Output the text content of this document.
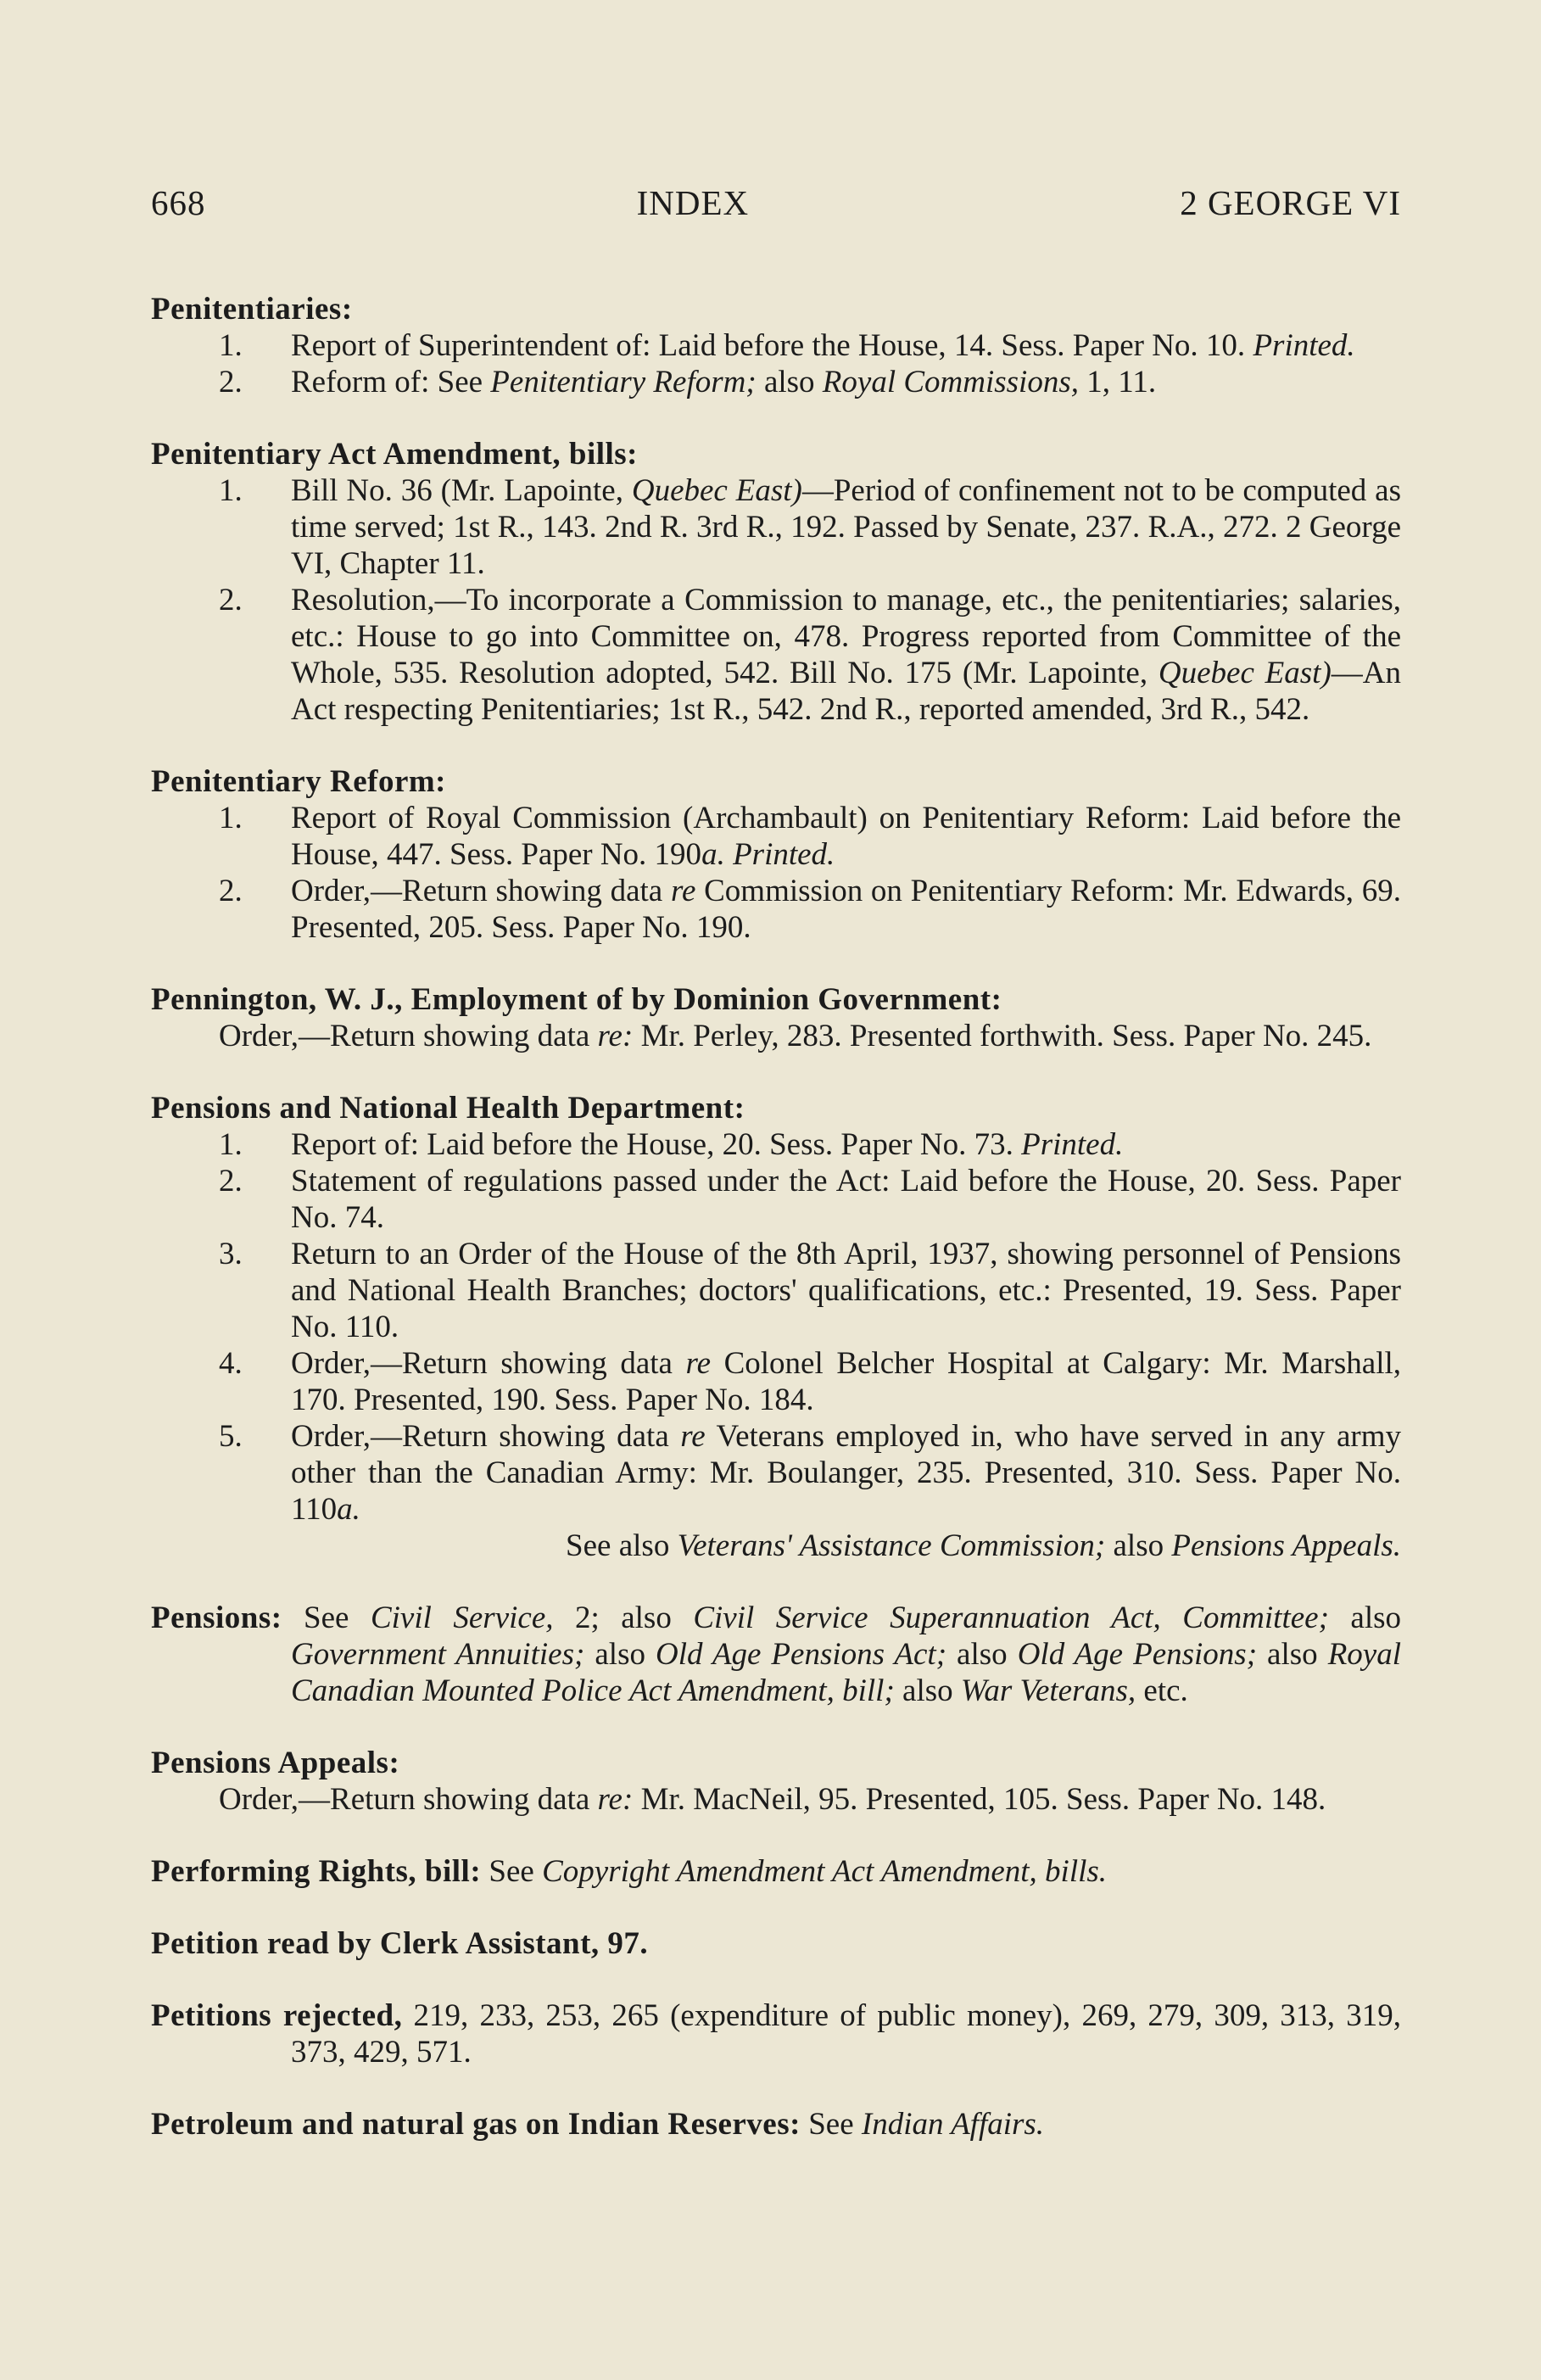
668	INDEX	2 GEORGE VI
Penitentiaries:
1. Report of Superintendent of: Laid before the House, 14. Sess. Paper No. 10. Printed.
2. Reform of: See Penitentiary Reform; also Royal Commissions, 1, 11.
Penitentiary Act Amendment, bills:
1. Bill No. 36 (Mr. Lapointe, Quebec East)—Period of confinement not to be computed as time served; 1st R., 143. 2nd R. 3rd R., 192. Passed by Senate, 237. R.A., 272. 2 George VI, Chapter 11.
2. Resolution,—To incorporate a Commission to manage, etc., the penitentiaries; salaries, etc.: House to go into Committee on, 478. Progress reported from Committee of the Whole, 535. Resolution adopted, 542. Bill No. 175 (Mr. Lapointe, Quebec East)—An Act respecting Penitentiaries; 1st R., 542. 2nd R., reported amended, 3rd R., 542.
Penitentiary Reform:
1. Report of Royal Commission (Archambault) on Penitentiary Reform: Laid before the House, 447. Sess. Paper No. 190a. Printed.
2. Order,—Return showing data re Commission on Penitentiary Reform: Mr. Edwards, 69. Presented, 205. Sess. Paper No. 190.
Pennington, W. J., Employment of by Dominion Government:
Order,—Return showing data re: Mr. Perley, 283. Presented forthwith. Sess. Paper No. 245.
Pensions and National Health Department:
1. Report of: Laid before the House, 20. Sess. Paper No. 73. Printed.
2. Statement of regulations passed under the Act: Laid before the House, 20. Sess. Paper No. 74.
3. Return to an Order of the House of the 8th April, 1937, showing personnel of Pensions and National Health Branches; doctors' qualifications, etc.: Presented, 19. Sess. Paper No. 110.
4. Order,—Return showing data re Colonel Belcher Hospital at Calgary: Mr. Marshall, 170. Presented, 190. Sess. Paper No. 184.
5. Order,—Return showing data re Veterans employed in, who have served in any army other than the Canadian Army: Mr. Boulanger, 235. Presented, 310. Sess. Paper No. 110a.
See also Veterans' Assistance Commission; also Pensions Appeals.
Pensions: See Civil Service, 2; also Civil Service Superannuation Act, Committee; also Government Annuities; also Old Age Pensions Act; also Old Age Pensions; also Royal Canadian Mounted Police Act Amendment, bill; also War Veterans, etc.
Pensions Appeals:
Order,—Return showing data re: Mr. MacNeil, 95. Presented, 105. Sess. Paper No. 148.
Performing Rights, bill: See Copyright Amendment Act Amendment, bills.
Petition read by Clerk Assistant, 97.
Petitions rejected, 219, 233, 253, 265 (expenditure of public money), 269, 279, 309, 313, 319, 373, 429, 571.
Petroleum and natural gas on Indian Reserves: See Indian Affairs.
